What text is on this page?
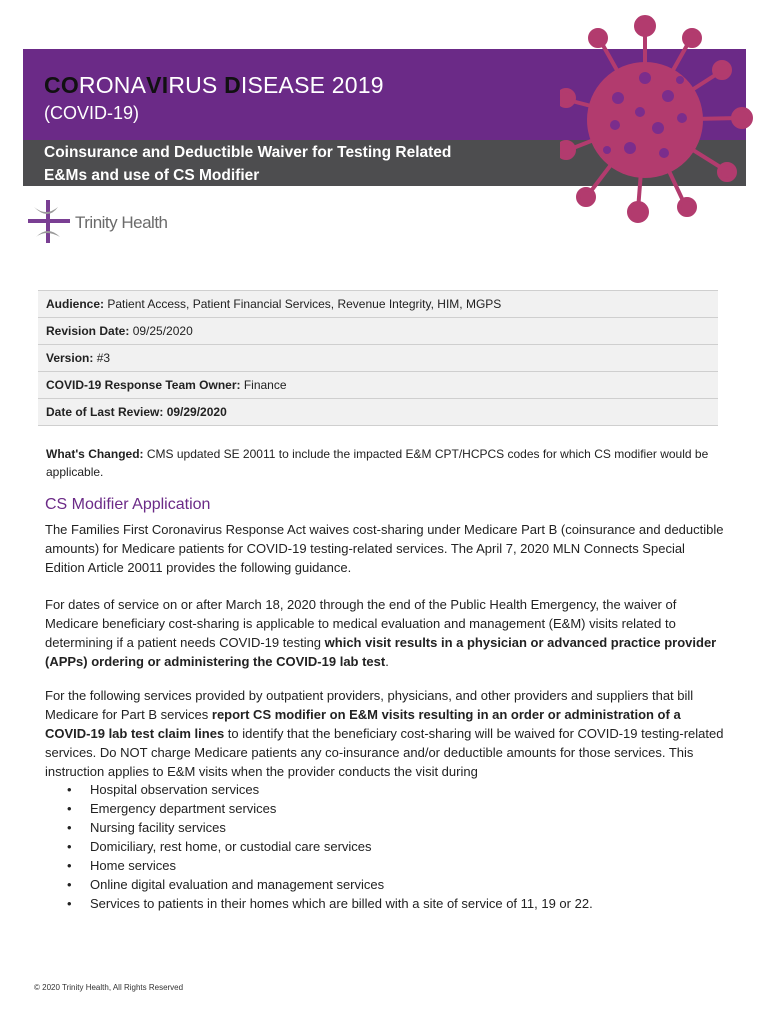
CORONAVIRUS DISEASE 2019
(COVID-19)
Coinsurance and Deductible Waiver for Testing Related
E&Ms and use of CS Modifier
Trinity Health
Audience: Patient Access, Patient Financial Services, Revenue Integrity, HIM, MGPS
Revision Date: 09/25/2020
Version: #3
COVID-19 Response Team Owner: Finance
Date of Last Review: 09/29/2020
What's Changed: CMS updated SE 20011 to include the impacted E&M CPT/HCPCS codes for which CS modifier would be applicable.
CS Modifier Application
The Families First Coronavirus Response Act waives cost-sharing under Medicare Part B (coinsurance and deductible amounts) for Medicare patients for COVID-19 testing-related services. The April 7, 2020 MLN Connects Special Edition Article 20011 provides the following guidance.
For dates of service on or after March 18, 2020 through the end of the Public Health Emergency, the waiver of Medicare beneficiary cost-sharing is applicable to medical evaluation and management (E&M) visits related to determining if a patient needs COVID-19 testing which visit results in a physician or advanced practice provider (APPs) ordering or administering the COVID-19 lab test.
For the following services provided by outpatient providers, physicians, and other providers and suppliers that bill Medicare for Part B services report CS modifier on E&M visits resulting in an order or administration of a COVID-19 lab test claim lines to identify that the beneficiary cost-sharing will be waived for COVID-19 testing-related services. Do NOT charge Medicare patients any co-insurance and/or deductible amounts for those services. This instruction applies to E&M visits when the provider conducts the visit during
• Hospital observation services
• Emergency department services
• Nursing facility services
• Domiciliary, rest home, or custodial care services
• Home services
• Online digital evaluation and management services
• Services to patients in their homes which are billed with a site of service of 11, 19 or 22.
© 2020 Trinity Health, All Rights Reserved
